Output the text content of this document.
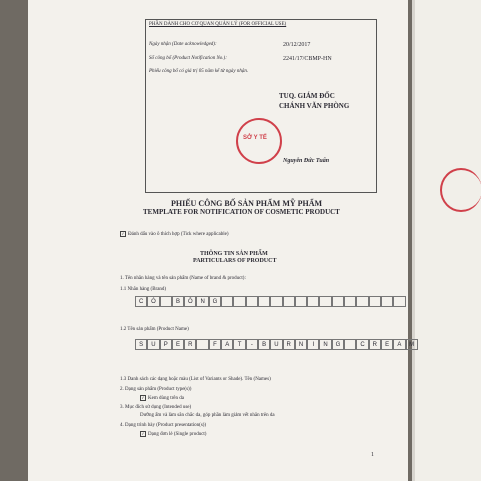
PHẦN DÀNH CHO CƠ QUAN QUẢN LÝ (FOR OFFICIAL USE)
Ngày nhận (Date acknowledged):	20/12/2017
Số công bố (Product Notification No.):	2241/17/CBMP-HN
Phiếu công bố có giá trị 05 năm kể từ ngày nhận.
TUQ. GIÁM ĐỐC
CHÁNH VĂN PHÒNG
SỞ Y TẾ
Nguyễn Đức Tuấn
PHIẾU CÔNG BỐ SẢN PHẨM MỸ PHẨM
TEMPLATE FOR NOTIFICATION OF COSMETIC PRODUCT
✓ Đánh dấu vào ô thích hợp (Tick where applicable)
THÔNG TIN SẢN PHẨM
PARTICULARS OF PRODUCT
1. Tên nhãn hàng và tên sản phẩm (Name of brand & product):
1.1 Nhãn hàng (Brand)
C	Ó	B	Ô	N	G
1.2 Tên sản phẩm (Product Name)
S	U	P	E	R	F	A	T	-	B	U	R	N	I	N	G	C	R	E	A	M
1.3 Danh sách các dạng hoặc màu (List of Variants or Shade). Tên (Names)
2. Dạng sản phẩm (Product type(s))
✓ Kem dùng trên da
3. Mục đích sử dụng (Intended use)
Dưỡng ẩm và làm săn chắc da, góp phần làm giảm vết nhăn trên da
4. Dạng trình bày (Product presentation(s))
✓ Dạng đơn lẻ (Single product)
1
